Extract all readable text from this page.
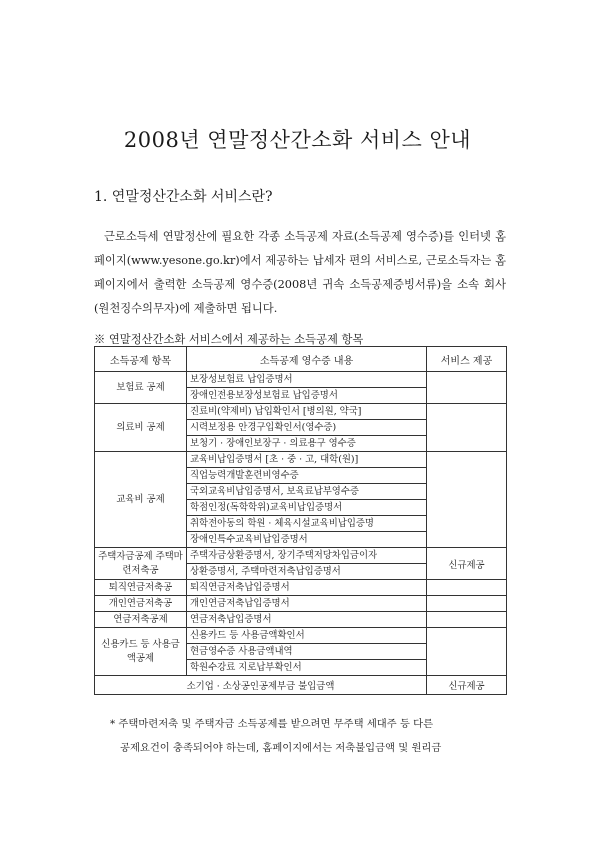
2008년 연말정산간소화 서비스 안내
1. 연말정산간소화 서비스란?

근로소득세 연말정산에 필요한 각종 소득공제 자료(소득공제 영수증)를 인터넷 홈페이지(www.yesone.go.kr)에서 제공하는 납세자 편의 서비스로, 근로소득자는 홈페이지에서 출력한 소득공제 영수증(2008년 귀속 소득공제증빙서류)을 소속 회사(원천징수의무자)에 제출하면 됩니다.

※ 연말정산간소화 서비스에서 제공하는 소득공제 항목
소득공제 항목	소득공제 영수증 내용	서비스 제공
보험료 공제	보장성보험료 납입증명서	
	장애인전용보장성보험료 납입증명서	
의료비 공제	진료비(약제비) 납입확인서 [병의원, 약국]	
	시력보정용 안경구입확인서(영수증)	
	보청기 · 장애인보장구 · 의료용구 영수증	
교육비 공제	교육비납입증명서 [초 · 중 · 고, 대학(원)]	
	직업능력개발훈련비영수증	
	국외교육비납입증명서, 보육료납부영수증	
	학점인정(독학학위)교육비납입증명서	
	취학전아동의 학원 · 체육시설교육비납입증명	
	장애인특수교육비납입증명서	
주택자금공제 주택마련저축공	주택자금상환증명서, 장기주택저당차입금이자	신규제공
	상환증명서, 주택마련저축납입증명서	
퇴직연금저축공	퇴직연금저축납입증명서	
개인연금저축공	개인연금저축납입증명서	
연금저축공제	연금저축납입증명서	
신용카드 등 사용금액공제	신용카드 등 사용금액확인서	
	현금영수증 사용금액내역	
	학원수강료 지로납부확인서	
소기업 · 소상공인공제부금 불입금액		신규제공

* 주택마련저축 및 주택자금 소득공제를 받으려면 무주택 세대주 등 다른

공제요건이 충족되어야 하는데, 홈페이지에서는 저축불입금액 및 원리금
